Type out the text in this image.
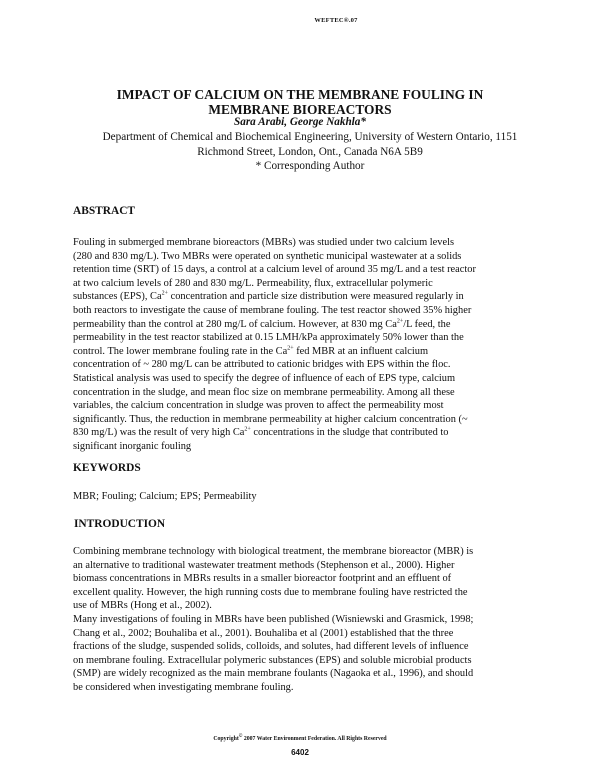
WEFTEC®.07
IMPACT OF CALCIUM ON THE MEMBRANE FOULING IN
MEMBRANE BIOREACTORS
Sara Arabi, George Nakhla*
Department of Chemical and Biochemical Engineering, University of Western Ontario, 1151
Richmond Street, London, Ont., Canada N6A 5B9
* Corresponding Author
ABSTRACT
Fouling in submerged membrane bioreactors (MBRs) was studied under two calcium levels
(280 and 830 mg/L). Two MBRs were operated on synthetic municipal wastewater at a solids
retention time (SRT) of 15 days, a control at a calcium level of around 35 mg/L and a test reactor
at two calcium levels of 280 and 830 mg/L. Permeability, flux, extracellular polymeric
substances (EPS), $Ca^{2+}$ concentration and particle size distribution were measured regularly in
both reactors to investigate the cause of membrane fouling. The test reactor showed 35% higher
permeability than the control at 280 mg/L of calcium. However, at 830 mg $Ca^{2+}/L$ feed, the
permeability in the test reactor stabilized at 0.15 LMH/kPa approximately 50% lower than the
control. The lower membrane fouling rate in the $Ca^{2+}$ fed MBR at an influent calcium
concentration of ~ 280 mg/L can be attributed to cationic bridges with EPS within the floc.
Statistical analysis was used to specify the degree of influence of each of EPS type, calcium
concentration in the sludge, and mean floc size on membrane permeability. Among all these
variables, the calcium concentration in sludge was proven to affect the permeability most
significantly. Thus, the reduction in membrane permeability at higher calcium concentration (~
830 mg/L) was the result of very high $Ca^{2+}$ concentrations in the sludge that contributed to
significant inorganic fouling
KEYWORDS
MBR; Fouling; Calcium; EPS; Permeability
INTRODUCTION
Combining membrane technology with biological treatment, the membrane bioreactor (MBR) is
an alternative to traditional wastewater treatment methods (Stephenson et al., 2000). Higher
biomass concentrations in MBRs results in a smaller bioreactor footprint and an effluent of
excellent quality. However, the high running costs due to membrane fouling have restricted the
use of MBRs (Hong et al., 2002).
Many investigations of fouling in MBRs have been published (Wisniewski and Grasmick, 1998;
Chang et al., 2002; Bouhaliba et al., 2001). Bouhaliba et al (2001) established that the three
fractions of the sludge, suspended solids, colloids, and solutes, had different levels of influence
on membrane fouling. Extracellular polymeric substances (EPS) and soluble microbial products
(SMP) are widely recognized as the main membrane foulants (Nagaoka et al., 1996), and should
be considered when investigating membrane fouling.
Copyright© 2007 Water Environment Federation. All Rights Reserved
6402
